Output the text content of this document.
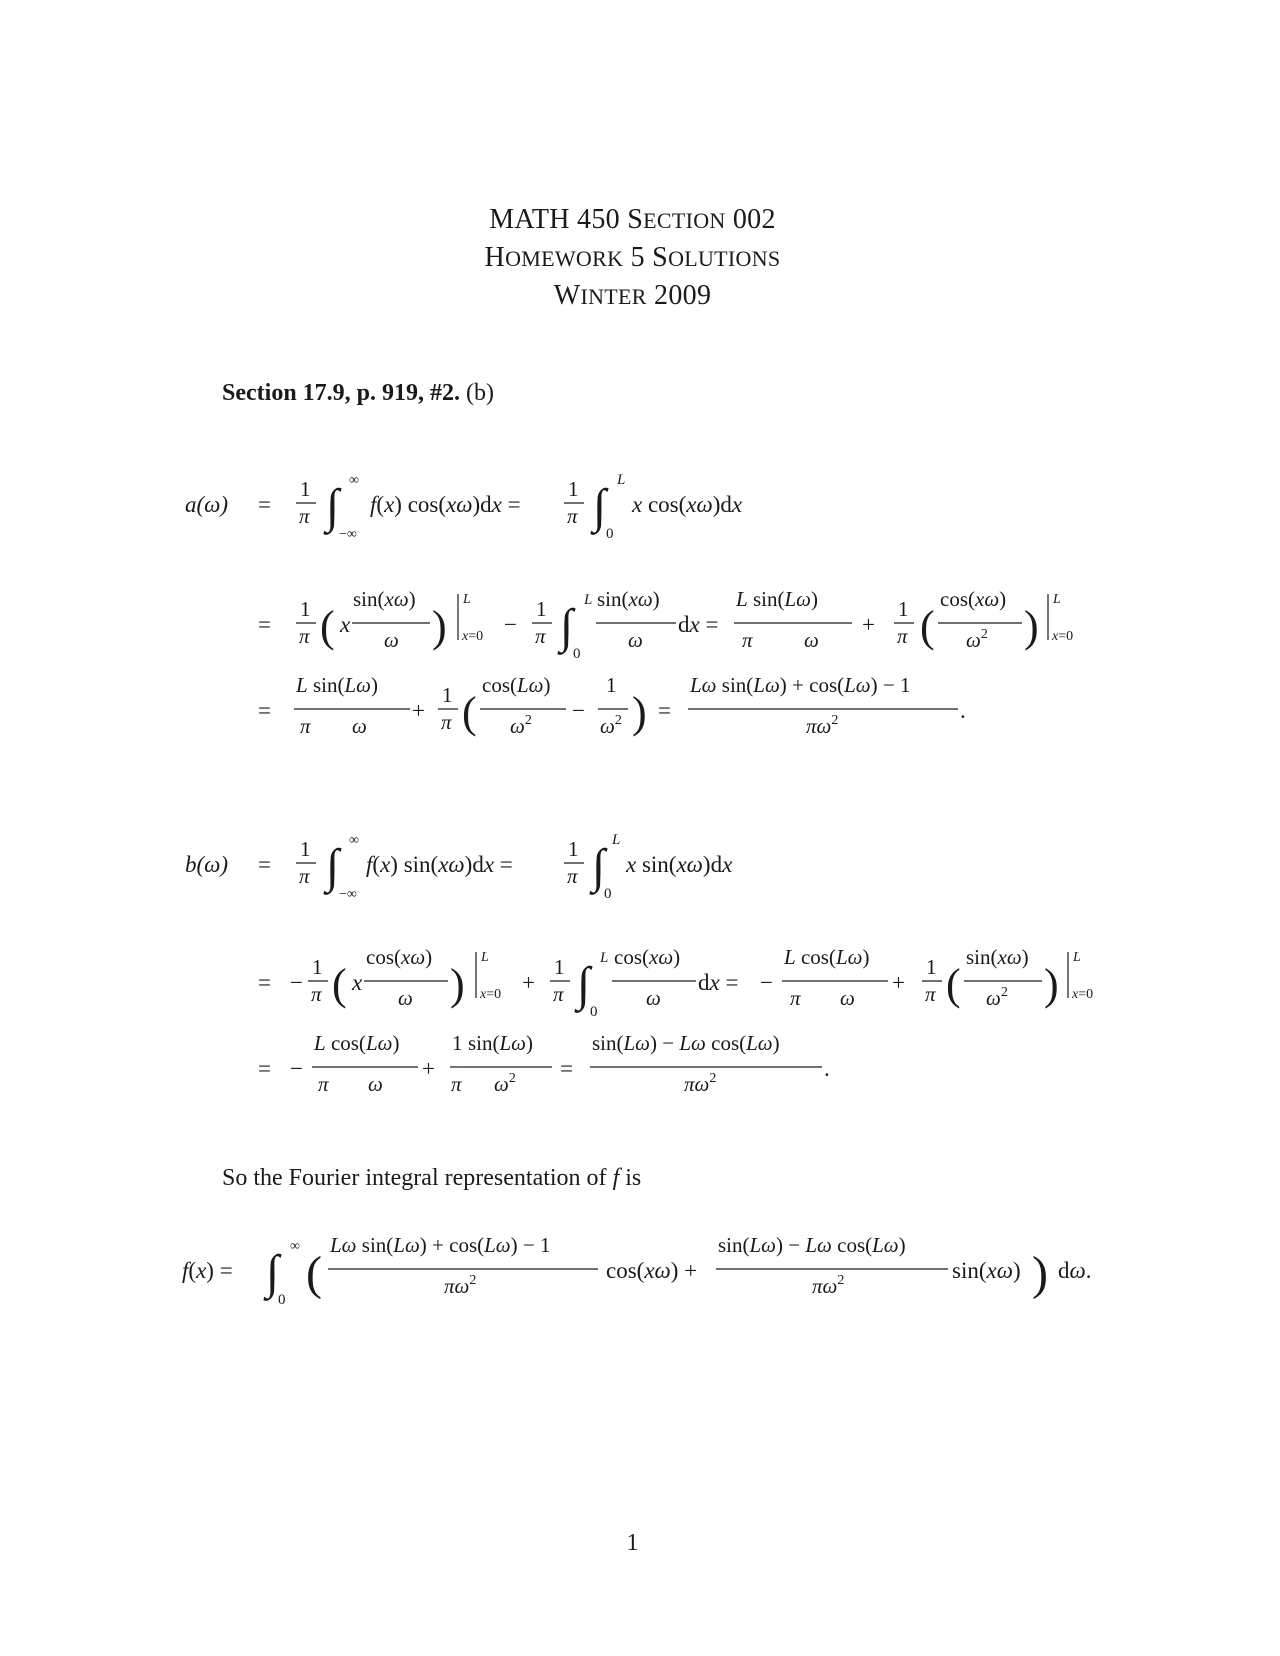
MATH 450 SECTION 002
HOMEWORK 5 SOLUTIONS
WINTER 2009
Section 17.9, p. 919, #2. (b)
a(ω) =
1
π ∫ ∞
−∞
f(x) cos(xω)dx =
1
π ∫ L
0
x cos(xω)dx
=
1
π ( x
sin(xω)
ω )
L
x=0 −
1
π ∫ L
0
sin(xω)
ω
dx =
L sin(Lω)
π ω
+
1
π (
cos(xω)
$\omega^2$ )
L
x=0
=
L sin(Lω)
π ω
+
1
π (
cos(Lω)
$\omega^2$ −
1
$\omega^2$ ) =
Lω sin(Lω) + cos(Lω) − 1
$\pi\omega^2$	.
b(ω) =
1
π ∫ ∞
−∞
f(x) sin(xω)dx =
1
π ∫ L
0
x sin(xω)dx
= −
1
π ( x
cos(xω)
ω )
L
x=0 +
1
π ∫ L
0
cos(xω)
ω
dx = −
L cos(Lω)
π ω
+
1
π (
sin(xω)
$\omega^2$ )
L
x=0
= −
L cos(Lω)
π ω
+
1
π
sin(Lω)
$\omega^2$ =
sin(Lω) − Lω cos(Lω)
$\pi\omega^2$	.
f(x) = ∫ ∞
0 (
Lω sin(Lω) + cos(Lω) − 1
$\pi\omega^2$	cos(xω) +
sin(Lω) − Lω cos(Lω)
$\pi\omega^2$	sin(xω) ) dω.
So the Fourier integral representation of f is
1
